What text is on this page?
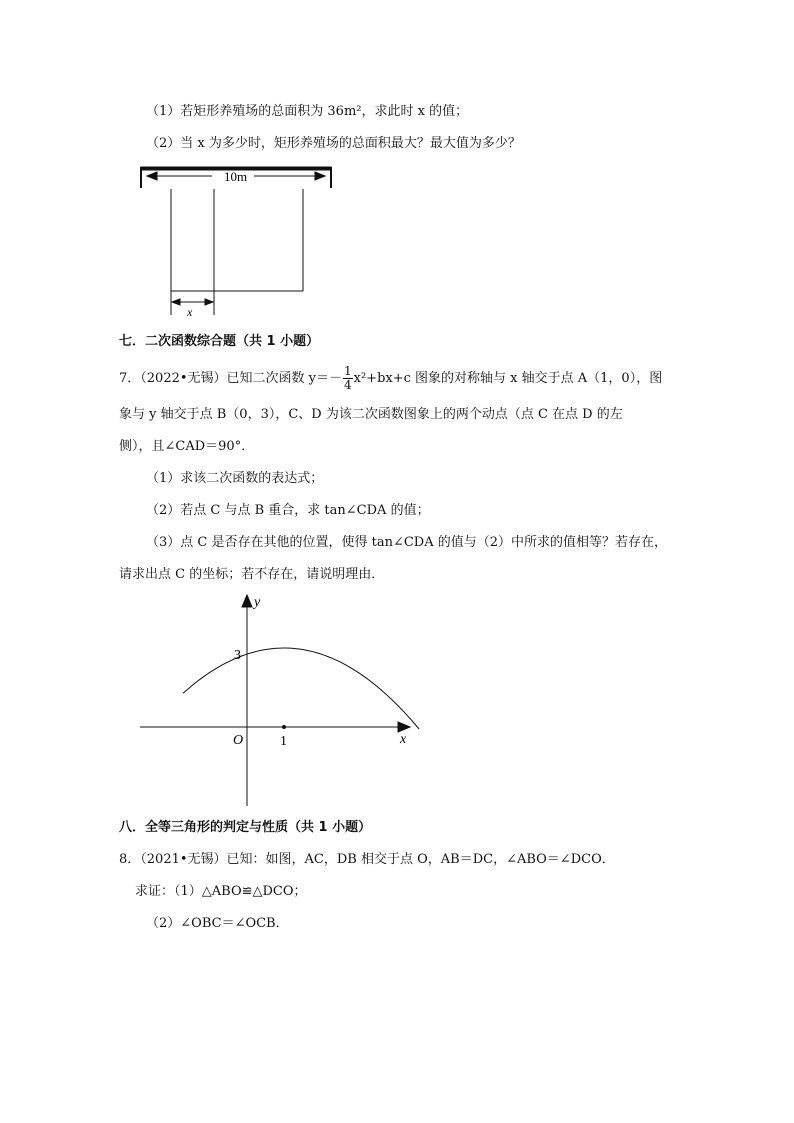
（1）若矩形养殖场的总面积为 36m²，求此时 x 的值；
（2）当 x 为多少时，矩形养殖场的总面积最大？最大值为多少？
10m
x
七．二次函数综合题（共 1 小题）
7．（2022•无锡）已知二次函数 $y=- \frac{1}{4} x^2+bx+c$ 图象的对称轴与 x 轴交于点 A（1，0），图
象与 y 轴交于点 B（0，3），C、D 为该二次函数图象上的两个动点（点 C 在点 D 的左
侧），且∠CAD＝90°．
（1）求该二次函数的表达式；
（2）若点 C 与点 B 重合，求 tan∠CDA 的值；
（3）点 C 是否存在其他的位置，使得 tan∠CDA 的值与（2）中所求的值相等？若存在，
请求出点 C 的坐标；若不存在，请说明理由．
y
x
O
3
1
八．全等三角形的判定与性质（共 1 小题）
8．（2021•无锡）已知：如图，AC，DB 相交于点 O，AB＝DC，∠ABO＝∠DCO．
求证：（1）△ABO≌△DCO；
（2）∠OBC＝∠OCB．
